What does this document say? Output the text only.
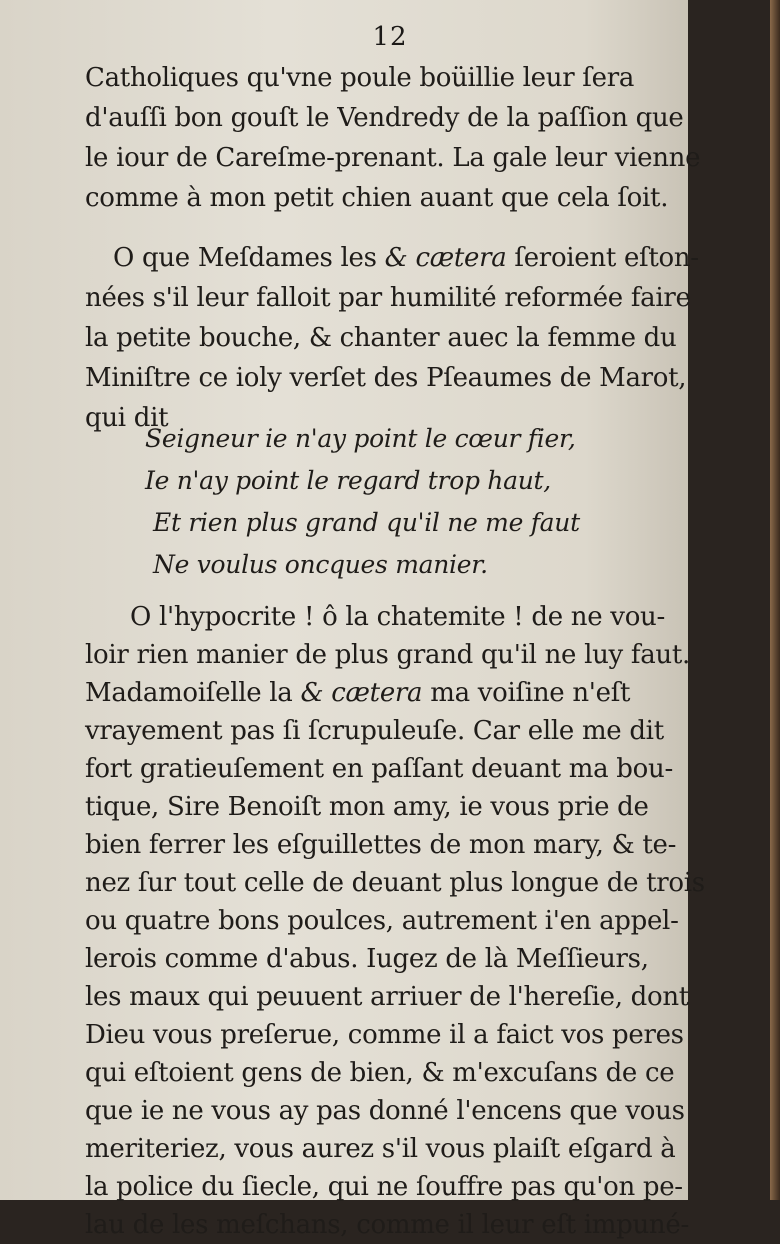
12
Catholiques qu'vne poule boüillie leur ſera
d'auſſi bon gouſt le Vendredy de la paſſion que
le iour de Careſme-prenant. La gale leur vienne
comme à mon petit chien auant que cela ſoit.
O que Meſdames les & cætera ſeroient eſton-
nées s'il leur falloit par humilité reformée faire
la petite bouche, & chanter auec la femme du
Miniſtre ce ioly verſet des Pſeaumes de Marot,
qui dit
Seigneur ie n'ay point le cœur fier,
Ie n'ay point le regard trop haut,
Et rien plus grand qu'il ne me faut
Ne voulus oncques manier.
O l'hypocrite ! ô la chatemite ! de ne vou-
loir rien manier de plus grand qu'il ne luy faut.
Madamoiſelle la & cætera ma voiſine n'eſt
vrayement pas ſi ſcrupuleuſe. Car elle me dit
fort gratieuſement en paſſant deuant ma bou-
tique, Sire Benoiſt mon amy, ie vous prie de
bien ferrer les eſguillettes de mon mary, & te-
nez ſur tout celle de deuant plus longue de trois
ou quatre bons poulces, autrement i'en appel-
lerois comme d'abus. Iugez de là Meſſieurs,
les maux qui peuuent arriuer de l'hereſie, dont
Dieu vous preſerue, comme il a faict vos peres
qui eſtoient gens de bien, & m'excuſans de ce
que ie ne vous ay pas donné l'encens que vous
meriteriez, vous aurez s'il vous plaiſt eſgard à
la police du ſiecle, qui ne ſouffre pas qu'on pe-
lau de les meſchans, comme il leur eſt impuné-
